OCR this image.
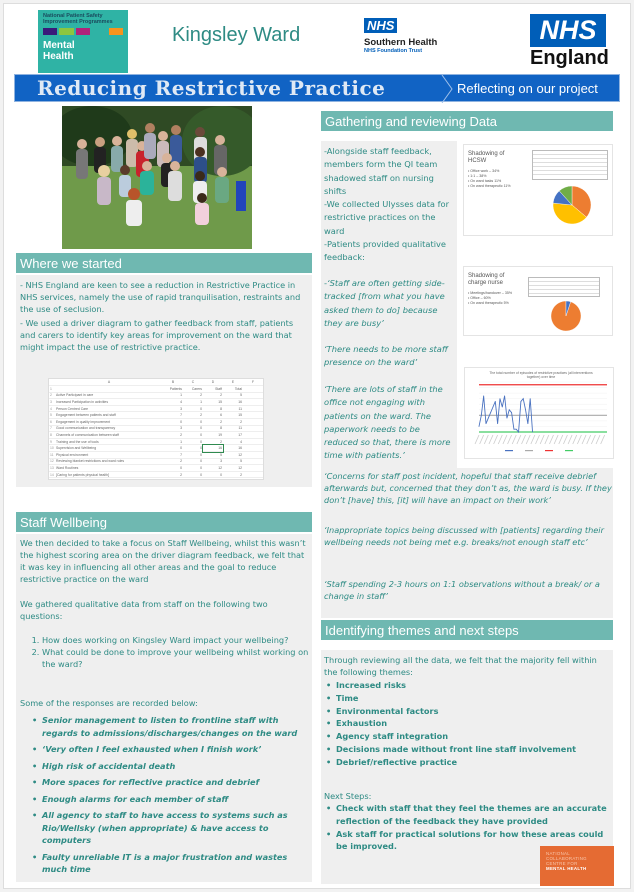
National Patient Safety
Improvement Programmes
Mental
Health
Kingsley Ward	NHS
Southern Health
NHS Foundation Trust
NHS
England
Reducing Restrictive Practice	Reflecting on our project
Where we started
- NHS England are keen to see a reduction in Restrictive Practice in NHS services, namely the use of rapid tranquilisation, restraints and the use of seclusion.
- We used a driver diagram to gather feedback from staff, patients and carers to identify key areas for improvement on the ward that might impact the use of restrictive practice.
	A	B	C	D	E	F
1		Patients	Carers	Staff	Total	
2	Active Participant in care	1	2	2	5	
3	Increased Participation in activities	4	1	15	16	
4	Person Centred Care	3	0	8	11	
5	Engagement between patients and staff	7	2	6	15	
6	Engagement in quality improvement	0	0	2	2	
7	Good communication and transparency	3	0	8	11	
8	Channels of communication between staff	2	0	19	17	
9	Training and the use of tools	1	0	2	4	
10	Supervision and Wellbeing	0	0	16	16	
11	Physical environment	7	0	5	12	
12	Reviewing blanket restrictions and ward rules	2	0	3	5	
13	Ward Routines	0	0	12	12	
14	[Caring for patients physical health]	2	0	0	2	
Staff Wellbeing
We then decided to take a focus on Staff Wellbeing, whilst this wasn’t the highest scoring area on the driver diagram feedback, we felt that it was key in influencing all other areas and the goal to reduce restrictive practice on the ward
We gathered qualitative data from staff on the following two questions:
1. How does working on Kingsley Ward impact your wellbeing?
2. What could be done to improve your wellbeing whilst working on the ward?
Some of the responses are recorded below:
• Senior management to listen to frontline staff with regards to admissions/discharges/changes on the ward
• ‘Very often I feel exhausted when I finish work’
• High risk of accidental death
• More spaces for reflective practice and debrief
• Enough alarms for each member of staff
• All agency to staff to have access to systems such as Rio/Wellsky (when appropriate) & have access to computers
• Faulty unreliable IT is a major frustration and wastes much time
Gathering and reviewing Data
-Alongside staff feedback, members form the QI team shadowed staff on nursing shifts
-We collected Ulysses data for restrictive practices on the ward
-Patients provided qualitative feedback:
-‘Staff are often getting side-tracked [from what you have asked them to do] because they are busy’
‘There needs to be more staff presence on the ward’
‘There are lots of staff in the office not engaging with patients on the ward. The paperwork needs to be reduced so that, there is more time with patients.’
‘Concerns for staff post incident, hopeful that staff receive debrief afterwards but, concerned that they don’t as, the ward is busy. If they don’t [have] this, [it] will have an impact on their work’
‘Inappropriate topics being discussed with [patients] regarding their wellbeing needs not being met e.g. breaks/not enough staff etc’
‘Staff spending 2-3 hours on 1:1 observations without a break/ or a change in staff’
Shadowing of HCSW
• Office work – 34%
• 1:1 – 38%
• On ward tasks 11%
• On ward therapeutic 11%
Shadowing of charge nurse
• Meetings/handover – 35%
• Office – 60%
• On ward therapeutic 5%
The total number of episodes of restrictive practices (all interventions together) over time
Identifying themes and next steps
Through reviewing all the data, we felt that the majority fell within the following themes:
• Increased risks
• Time
• Environmental factors
• Exhaustion
• Agency staff integration
• Decisions made without front line staff involvement
• Debrief/reflective practice
Next Steps:
• Check with staff that they feel the themes are an accurate reflection of the feedback they have provided
• Ask staff for practical solutions for how these areas could be improved.
NATIONAL
COLLABORATING
CENTRE FOR
MENTAL HEALTH
